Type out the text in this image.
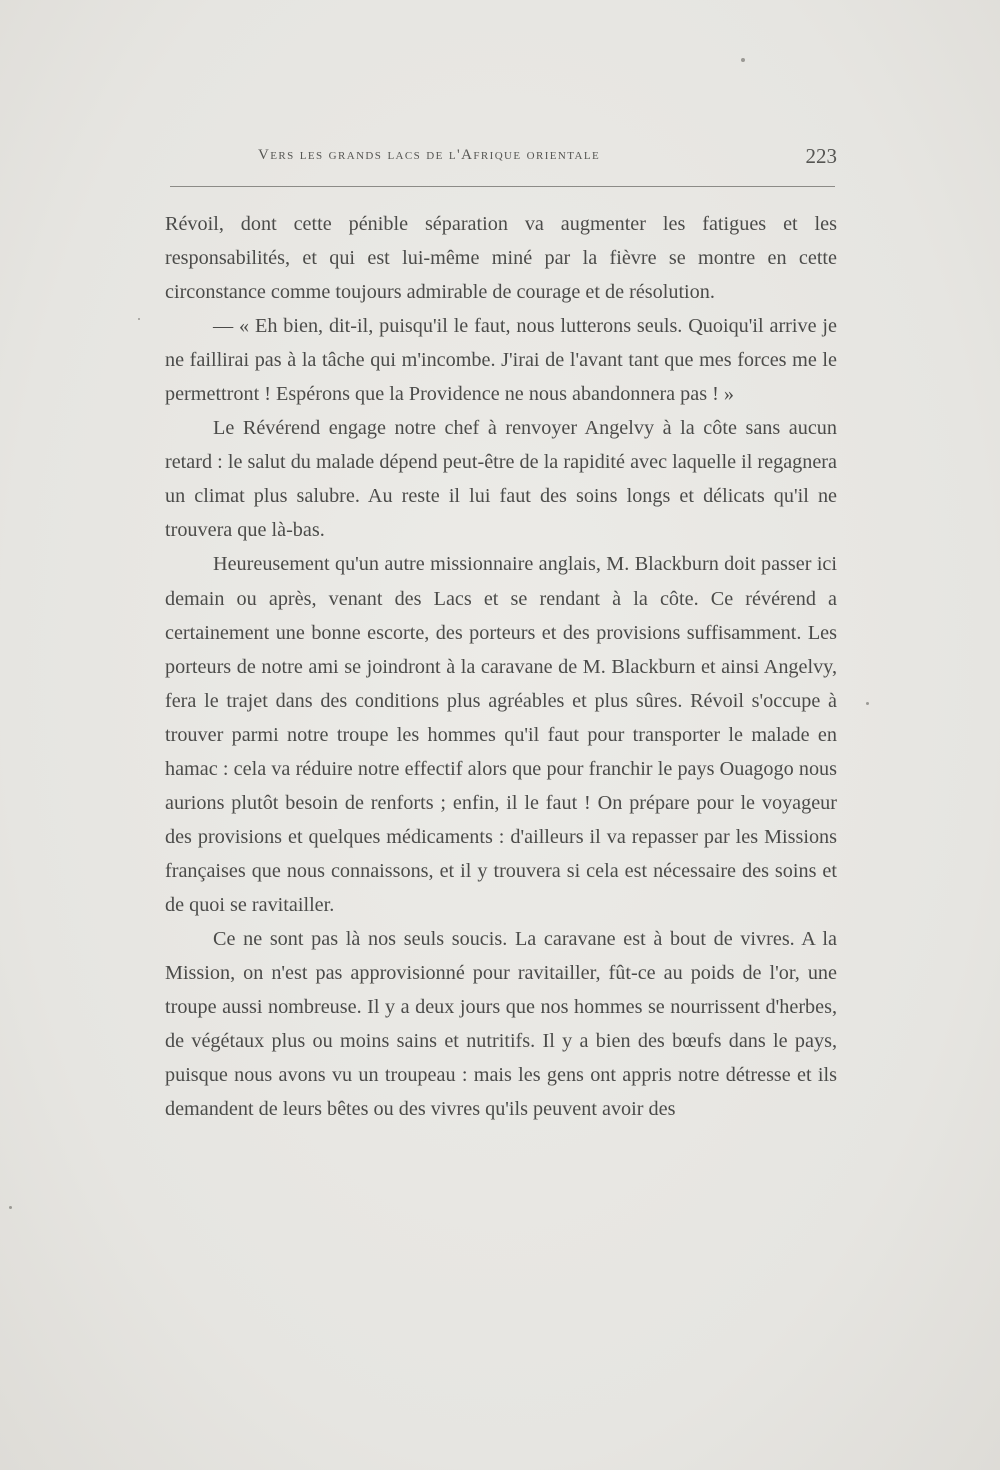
Vers les grands lacs de l'Afrique orientale	223

Révoil, dont cette pénible séparation va augmenter les fatigues et les responsabilités, et qui est lui-même miné par la fièvre se montre en cette circonstance comme toujours admirable de courage et de résolution.

— « Eh bien, dit-il, puisqu'il le faut, nous lutterons seuls. Quoiqu'il arrive je ne faillirai pas à la tâche qui m'incombe. J'irai de l'avant tant que mes forces me le permettront ! Espérons que la Providence ne nous abandonnera pas ! »

Le Révérend engage notre chef à renvoyer Angelvy à la côte sans aucun retard : le salut du malade dépend peut-être de la rapidité avec laquelle il regagnera un climat plus salubre. Au reste il lui faut des soins longs et délicats qu'il ne trouvera que là-bas.

Heureusement qu'un autre missionnaire anglais, M. Blackburn doit passer ici demain ou après, venant des Lacs et se rendant à la côte. Ce révérend a certainement une bonne escorte, des porteurs et des provisions suffisamment. Les porteurs de notre ami se joindront à la caravane de M. Blackburn et ainsi Angelvy, fera le trajet dans des conditions plus agréables et plus sûres. Révoil s'occupe à trouver parmi notre troupe les hommes qu'il faut pour transporter le malade en hamac : cela va réduire notre effectif alors que pour franchir le pays Ouagogo nous aurions plutôt besoin de renforts ; enfin, il le faut ! On prépare pour le voyageur des provisions et quelques médicaments : d'ailleurs il va repasser par les Missions françaises que nous connaissons, et il y trouvera si cela est nécessaire des soins et de quoi se ravitailler.

Ce ne sont pas là nos seuls soucis. La caravane est à bout de vivres. A la Mission, on n'est pas approvisionné pour ravitailler, fût-ce au poids de l'or, une troupe aussi nombreuse. Il y a deux jours que nos hommes se nourrissent d'herbes, de végétaux plus ou moins sains et nutritifs. Il y a bien des bœufs dans le pays, puisque nous avons vu un troupeau : mais les gens ont appris notre détresse et ils demandent de leurs bêtes ou des vivres qu'ils peuvent avoir des
